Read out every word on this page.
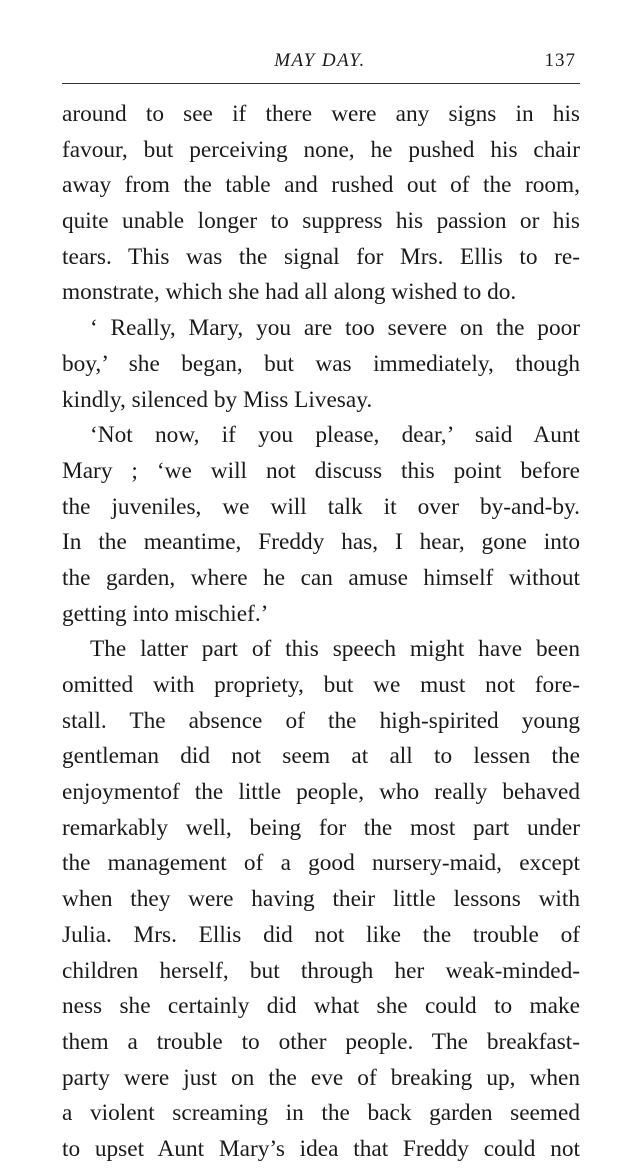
MAY DAY.	137
around to see if there were any signs in his
favour, but perceiving none, he pushed his chair
away from the table and rushed out of the room,
quite unable longer to suppress his passion or his
tears. This was the signal for Mrs. Ellis to re-
monstrate, which she had all along wished to do.
‘ Really, Mary, you are too severe on the poor
boy,’ she began, but was immediately, though
kindly, silenced by Miss Livesay.
‘Not now, if you please, dear,’ said Aunt
Mary ; ‘we will not discuss this point before
the juveniles, we will talk it over by-and-by.
In the meantime, Freddy has, I hear, gone into
the garden, where he can amuse himself without
getting into mischief.’
The latter part of this speech might have been
omitted with propriety, but we must not fore-
stall. The absence of the high-spirited young
gentleman did not seem at all to lessen the
enjoymentof the little people, who really behaved
remarkably well, being for the most part under
the management of a good nursery-maid, except
when they were having their little lessons with
Julia. Mrs. Ellis did not like the trouble of
children herself, but through her weak-minded-
ness she certainly did what she could to make
them a trouble to other people. The breakfast-
party were just on the eve of breaking up, when
a violent screaming in the back garden seemed
to upset Aunt Mary’s idea that Freddy could not
